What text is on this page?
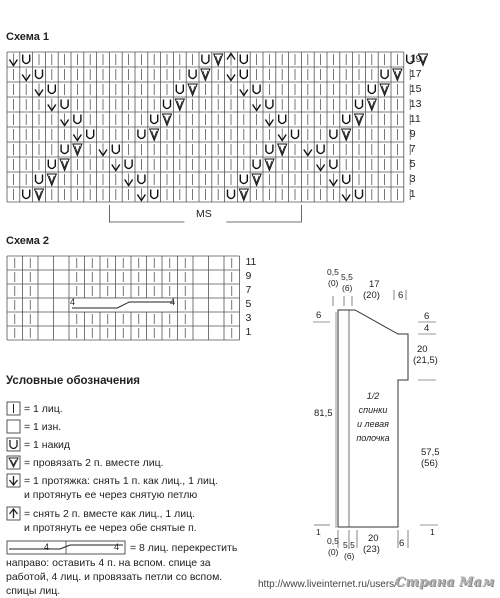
Схема 1
19
17
15
13
11
9
7
5
3
1
MS
Схема 2
11
9
7
5
3
1
4	4
Условные обозначения
4	4
= 1 лиц.
= 1 изн.
= 1 накид
= провязать 2 п. вместе лиц.
= 1 протяжка: снять 1 п. как лиц., 1 лиц.
и протянуть ее через снятую петлю
= снять 2 п. вместе как лиц., 1 лиц.
и протянуть ее через обе снятые п.
= 8 лиц. перекрестить
направо: оставить 4 п. на вспом. спице за
работой, 4 лиц. и провязать петли со вспом.
спицы лиц.
0,5
(0)
5,5
(6) 17
(20) 6
6	6
4
20
(21,5)
81,5
57,5
(56)
1/2
спинки
и левая
полочка
1	1
0,5
(0)
5,5
(6)
20
(23)
6
http://www.liveinternet.ru/users/
Страна Мам
